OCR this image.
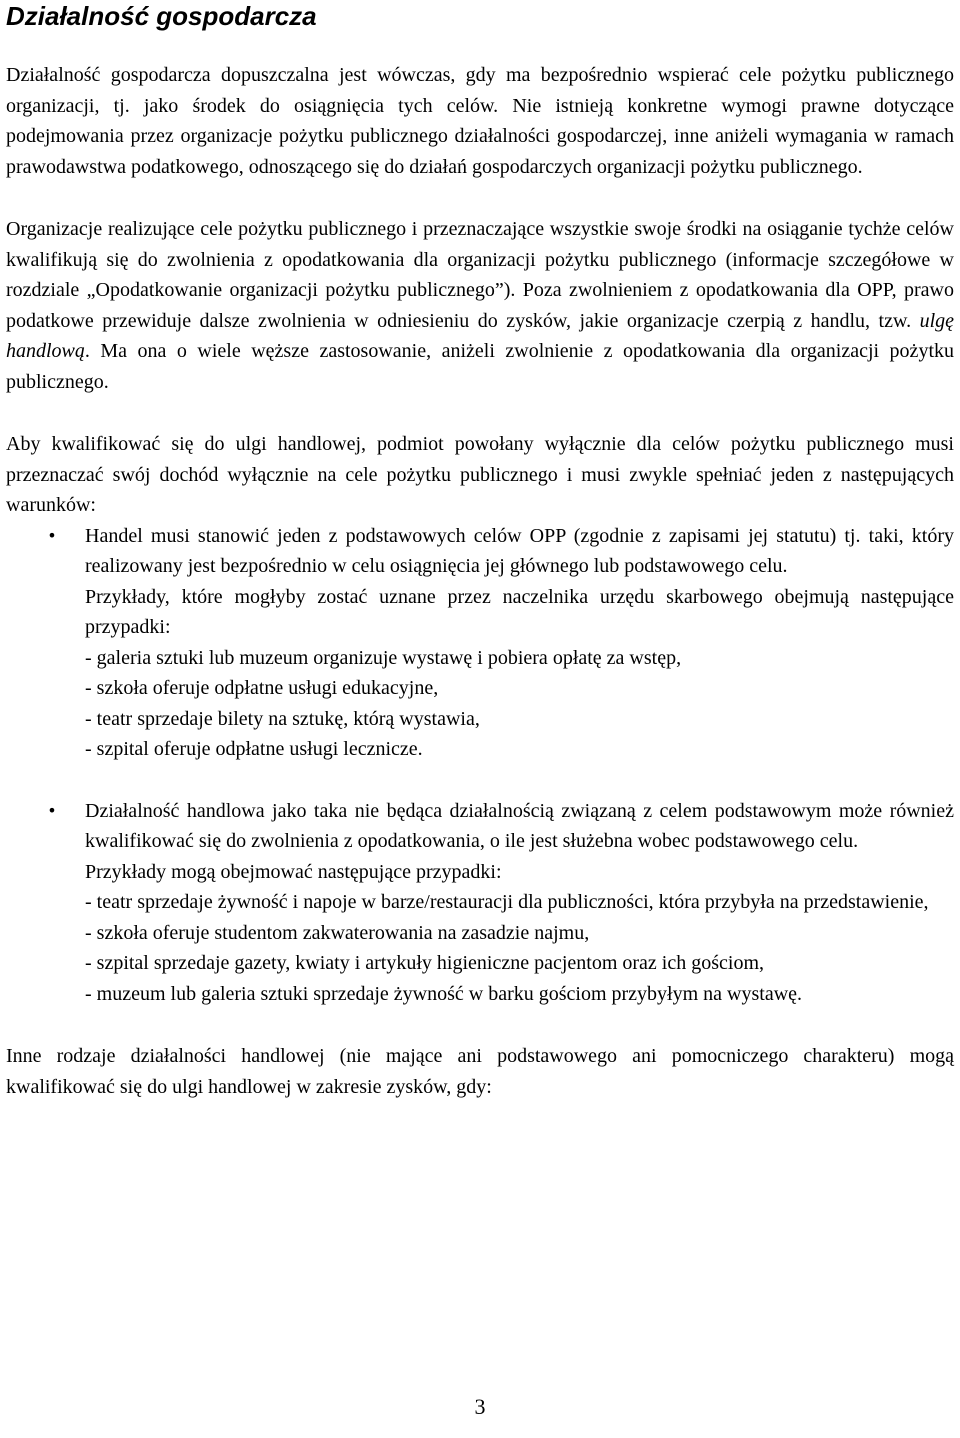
Działalność gospodarcza

Działalność gospodarcza dopuszczalna jest wówczas, gdy ma bezpośrednio wspierać cele pożytku publicznego organizacji, tj. jako środek do osiągnięcia tych celów. Nie istnieją konkretne wymogi prawne dotyczące podejmowania przez organizacje pożytku publicznego działalności gospodarczej, inne aniżeli wymagania w ramach prawodawstwa podatkowego, odnoszącego się do działań gospodarczych organizacji pożytku publicznego.

Organizacje realizujące cele pożytku publicznego i przeznaczające wszystkie swoje środki na osiąganie tychże celów kwalifikują się do zwolnienia z opodatkowania dla organizacji pożytku publicznego (informacje szczegółowe w rozdziale „Opodatkowanie organizacji pożytku publicznego”). Poza zwolnieniem z opodatkowania dla OPP, prawo podatkowe przewiduje dalsze zwolnienia w odniesieniu do zysków, jakie organizacje czerpią z handlu, tzw. ulgę handlową. Ma ona o wiele węższe zastosowanie, aniżeli zwolnienie z opodatkowania dla organizacji pożytku publicznego.

Aby kwalifikować się do ulgi handlowej, podmiot powołany wyłącznie dla celów pożytku publicznego musi przeznaczać swój dochód wyłącznie na cele pożytku publicznego i musi zwykle spełniać jeden z następujących warunków:

• Handel musi stanowić jeden z podstawowych celów OPP (zgodnie z zapisami jej statutu) tj. taki, który realizowany jest bezpośrednio w celu osiągnięcia jej głównego lub podstawowego celu.

Przykłady, które mogłyby zostać uznane przez naczelnika urzędu skarbowego obejmują następujące przypadki:

- galeria sztuki lub muzeum organizuje wystawę i pobiera opłatę za wstęp,

- szkoła oferuje odpłatne usługi edukacyjne,

- teatr sprzedaje bilety na sztukę, którą wystawia,

- szpital oferuje odpłatne usługi lecznicze.

• Działalność handlowa jako taka nie będąca działalnością związaną z celem podstawowym może również kwalifikować się do zwolnienia z opodatkowania, o ile jest służebna wobec podstawowego celu.

Przykłady mogą obejmować następujące przypadki:

- teatr sprzedaje żywność i napoje w barze/restauracji dla publiczności, która przybyła na przedstawienie,

- szkoła oferuje studentom zakwaterowania na zasadzie najmu,

- szpital sprzedaje gazety, kwiaty i artykuły higieniczne pacjentom oraz ich gościom,

- muzeum lub galeria sztuki sprzedaje żywność w barku gościom przybyłym na wystawę.

Inne rodzaje działalności handlowej (nie mające ani podstawowego ani pomocniczego charakteru) mogą kwalifikować się do ulgi handlowej w zakresie zysków, gdy:

3
